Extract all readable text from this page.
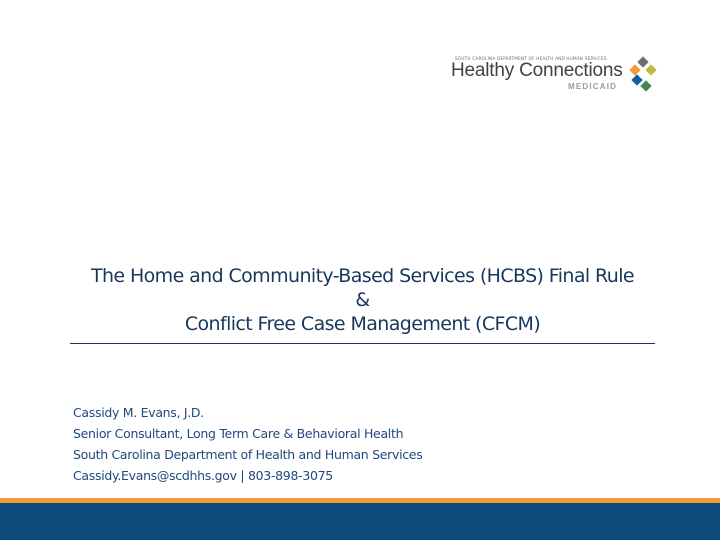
SOUTH CAROLINA DEPARTMENT OF HEALTH AND HUMAN SERVICES
Healthy Connections
MEDICAID
The Home and Community-Based Services (HCBS) Final Rule
&
Conflict Free Case Management (CFCM)
Cassidy M. Evans, J.D.
Senior Consultant, Long Term Care & Behavioral Health
South Carolina Department of Health and Human Services
Cassidy.Evans@scdhhs.gov | 803-898-3075
